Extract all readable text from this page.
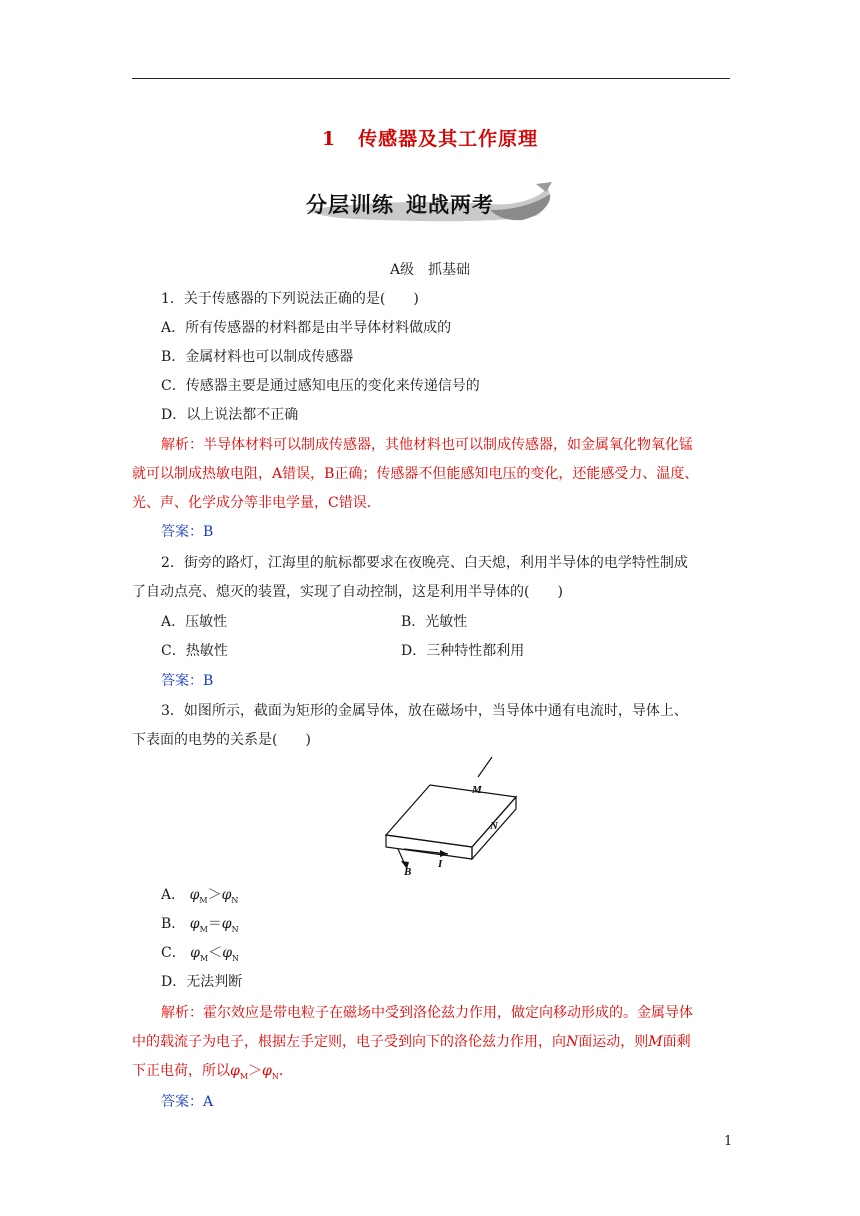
1 传感器及其工作原理
分层训练 迎战两考
A级　抓基础
1．关于传感器的下列说法正确的是(　　)
A．所有传感器的材料都是由半导体材料做成的
B．金属材料也可以制成传感器
C．传感器主要是通过感知电压的变化来传递信号的
D．以上说法都不正确
解析：半导体材料可以制成传感器，其他材料也可以制成传感器，如金属氧化物氧化锰
就可以制成热敏电阻，A错误，B正确；传感器不但能感知电压的变化，还能感受力、温度、
光、声、化学成分等非电学量，C错误.
答案：B
2．街旁的路灯，江海里的航标都要求在夜晚亮、白天熄，利用半导体的电学特性制成
了自动点亮、熄灭的装置，实现了自动控制，这是利用半导体的(　　)
A．压敏性	B．光敏性
C．热敏性	D．三种特性都利用
答案：B
3．如图所示，截面为矩形的金属导体，放在磁场中，当导体中通有电流时，导体上、
下表面的电势的关系是(　　)
M
N
I
B
A． $\varphi_M>\varphi_N$
B． $\varphi_M=\varphi_N$
C． $\varphi_M<\varphi_N$
D．无法判断
解析：霍尔效应是带电粒子在磁场中受到洛伦兹力作用，做定向移动形成的。金属导体
中的载流子为电子，根据左手定则，电子受到向下的洛伦兹力作用，向N面运动，则M面剩
下正电荷，所以$\varphi_M>\varphi_N$.
答案：A
1
